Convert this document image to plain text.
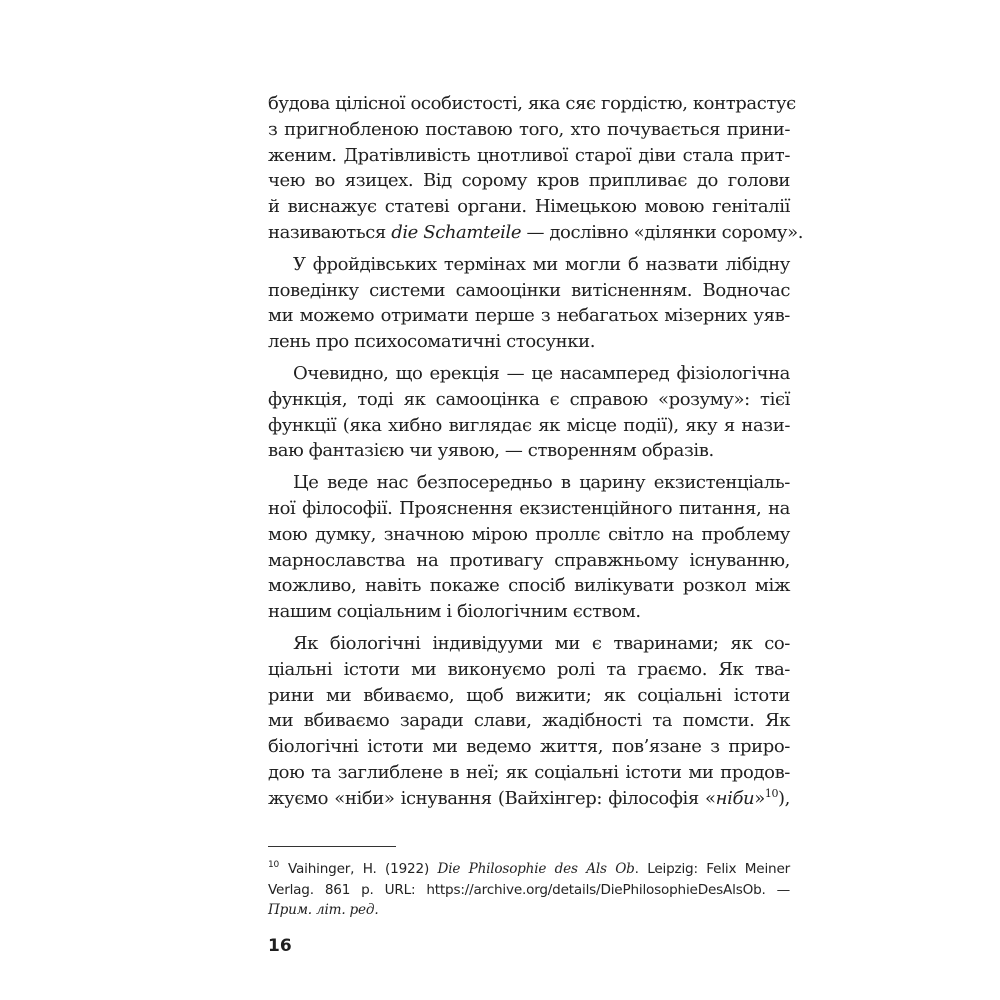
будова цілісної особистості, яка сяє гордістю, контрастує
з пригнобленою поставою того, хто почувається прини-
женим. Дратівливість цнотливої старої діви стала прит-
чею во язицех. Від сорому кров припливає до голови
й виснажує статеві органи. Німецькою мовою геніталії
називаються die Schamteile — дослівно «ділянки сорому».

У фройдівських термінах ми могли б назвати лібідну
поведінку системи самооцінки витісненням. Водночас
ми можемо отримати перше з небагатьох мізерних уяв-
лень про психосоматичні стосунки.

Очевидно, що ерекція — це насамперед фізіологічна
функція, тоді як самооцінка є справою «розуму»: тієї
функції (яка хибно виглядає як місце події), яку я нази-
ваю фантазією чи уявою, — створенням образів.

Це веде нас безпосередньо в царину екзистенціаль-
ної філософії. Прояснення екзистенційного питання, на
мою думку, значною мірою проллє світло на проблему
марнославства на противагу справжньому існуванню,
можливо, навіть покаже спосіб вилікувати розкол між
нашим соціальним і біологічним єством.

Як біологічні індивідууми ми є тваринами; як со-
ціальні істоти ми виконуємо ролі та граємо. Як тва-
рини ми вбиваємо, щоб вижити; як соціальні істоти
ми вбиваємо заради слави, жадібності та помсти. Як
біологічні істоти ми ведемо життя, пов’язане з приро-
дою та заглиблене в неї; як соціальні істоти ми продов-
жуємо «ніби» існування (Вайхінгер: філософія «ніби»$^{10}$),

10 Vaihinger, H. (1922) Die Philosophie des Als Ob. Leipzig: Felix Meiner
Verlag. 861 p. URL: https://archive.org/details/DiePhilosophieDesAlsOb. —
Прим. літ. ред.
16
